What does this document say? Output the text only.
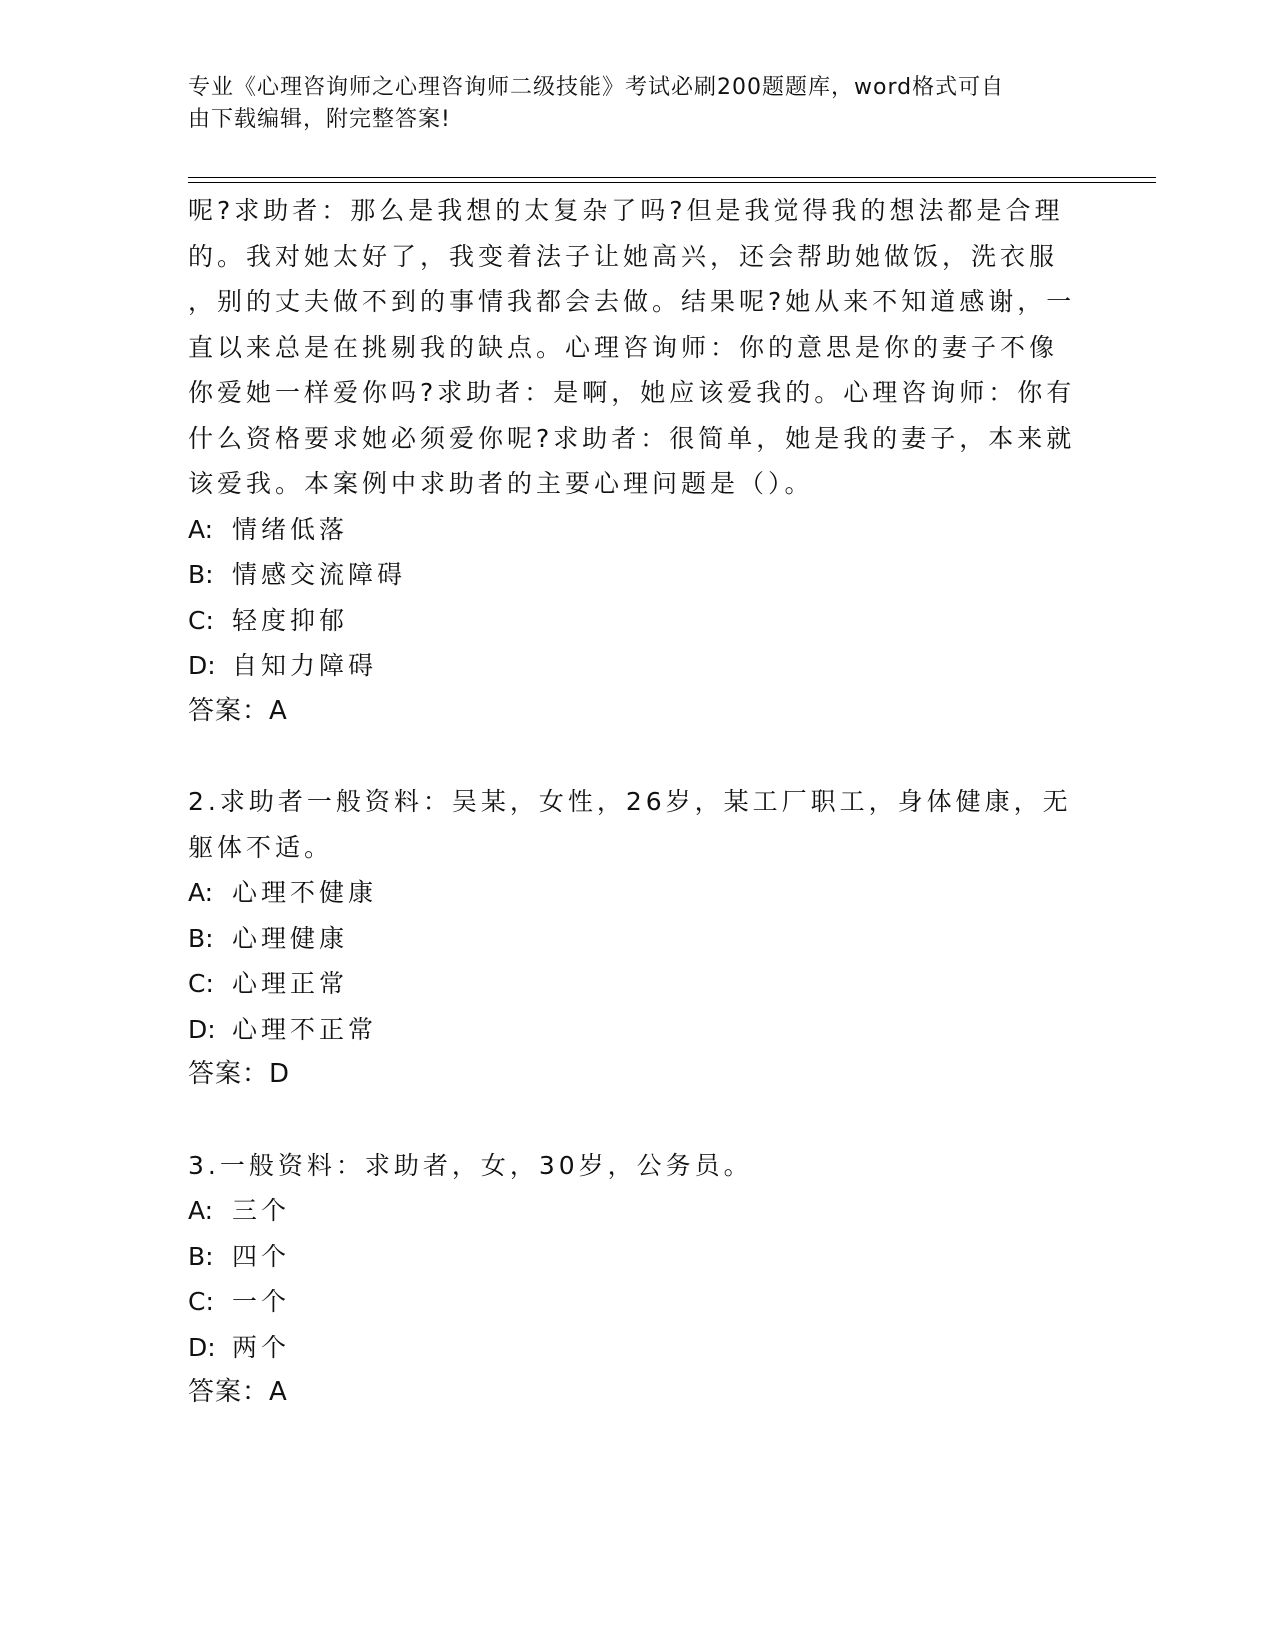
专业《心理咨询师之心理咨询师二级技能》考试必刷200题题库，word格式可自
由下载编辑，附完整答案!

呢?求助者：那么是我想的太复杂了吗?但是我觉得我的想法都是合理

的。我对她太好了，我变着法子让她高兴，还会帮助她做饭，洗衣服

，别的丈夫做不到的事情我都会去做。结果呢?她从来不知道感谢，一

直以来总是在挑剔我的缺点。心理咨询师：你的意思是你的妻子不像

你爱她一样爱你吗?求助者：是啊，她应该爱我的。心理咨询师：你有

什么资格要求她必须爱你呢?求助者：很简单，她是我的妻子，本来就

该爱我。本案例中求助者的主要心理问题是（）。

A: 情绪低落

B: 情感交流障碍

C: 轻度抑郁

D: 自知力障碍

答案：A

2.求助者一般资料：吴某，女性，26岁，某工厂职工，身体健康，无

躯体不适。

A: 心理不健康

B: 心理健康

C: 心理正常

D: 心理不正常

答案：D

3.一般资料：求助者，女，30岁，公务员。

A: 三个

B: 四个

C: 一个

D: 两个

答案：A
